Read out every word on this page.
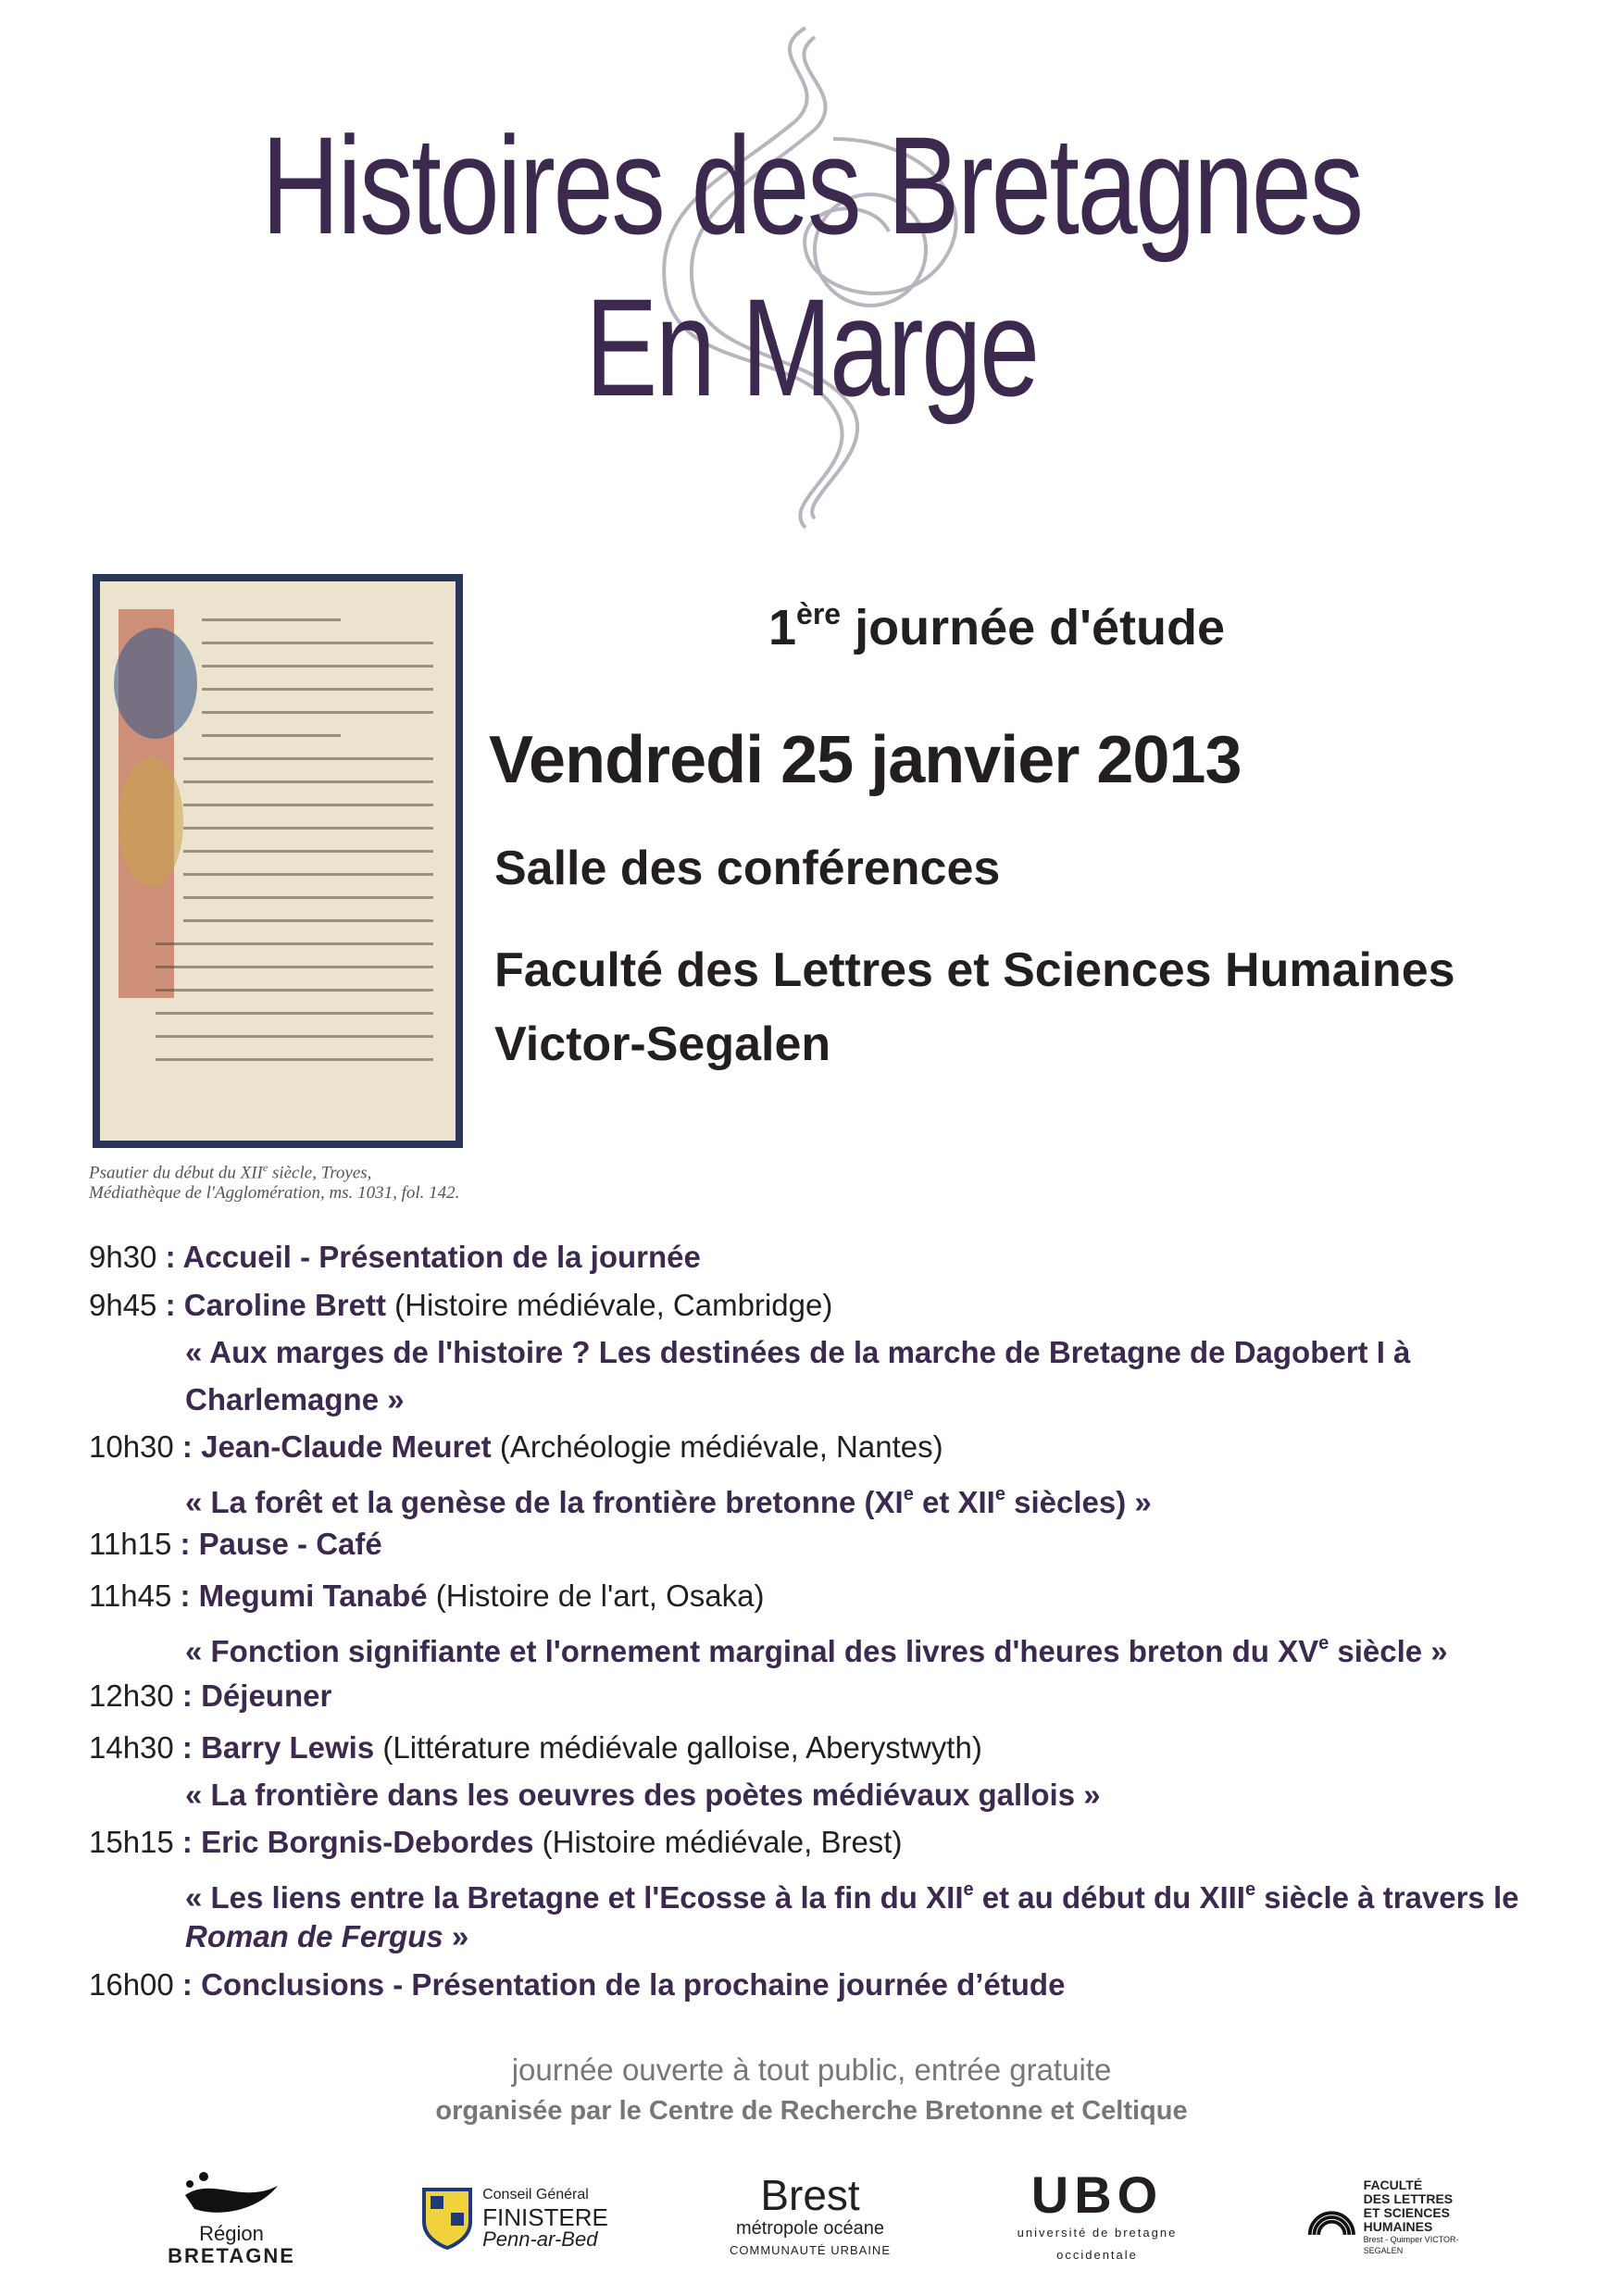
Histoires des Bretagnes
En Marge
Psautier du début du XIIe siècle, Troyes,
Médiathèque de l'Agglomération, ms. 1031, fol. 142.
1ère journée d'étude
Vendredi 25 janvier 2013
Salle des conférences
Faculté des Lettres et Sciences Humaines
Victor-Segalen
9h30 : Accueil - Présentation de la journée
9h45 : Caroline Brett (Histoire médiévale, Cambridge)
« Aux marges de l'histoire ? Les destinées de la marche de Bretagne de Dagobert I à
Charlemagne »
10h30 : Jean-Claude Meuret (Archéologie médiévale, Nantes)
« La forêt et la genèse de la frontière bretonne (XIe et XIIe siècles) »
11h15 : Pause - Café
11h45 : Megumi Tanabé (Histoire de l'art, Osaka)
« Fonction signifiante et l'ornement marginal des livres d'heures breton du XVe siècle »
12h30 : Déjeuner
14h30 : Barry Lewis (Littérature médiévale galloise, Aberystwyth)
« La frontière dans les oeuvres des poètes médiévaux gallois »
15h15 : Eric Borgnis-Debordes (Histoire médiévale, Brest)
« Les liens entre la Bretagne et l'Ecosse à la fin du XIIe et au début du XIIIe siècle à travers le
Roman de Fergus »
16h00 : Conclusions - Présentation de la prochaine journée d’étude
journée ouverte à tout public, entrée gratuite
organisée par le Centre de Recherche Bretonne et Celtique
Région
BRETAGNE
Conseil Général
FINISTERE
Penn-ar-Bed
Brest
métropole océane
COMMUNAUTÉ URBAINE
UBO
université de bretagne
occidentale
FACULTÉ
DES LETTRES
ET SCIENCES
HUMAINES
Brest - Quimper VICTOR-SEGALEN
